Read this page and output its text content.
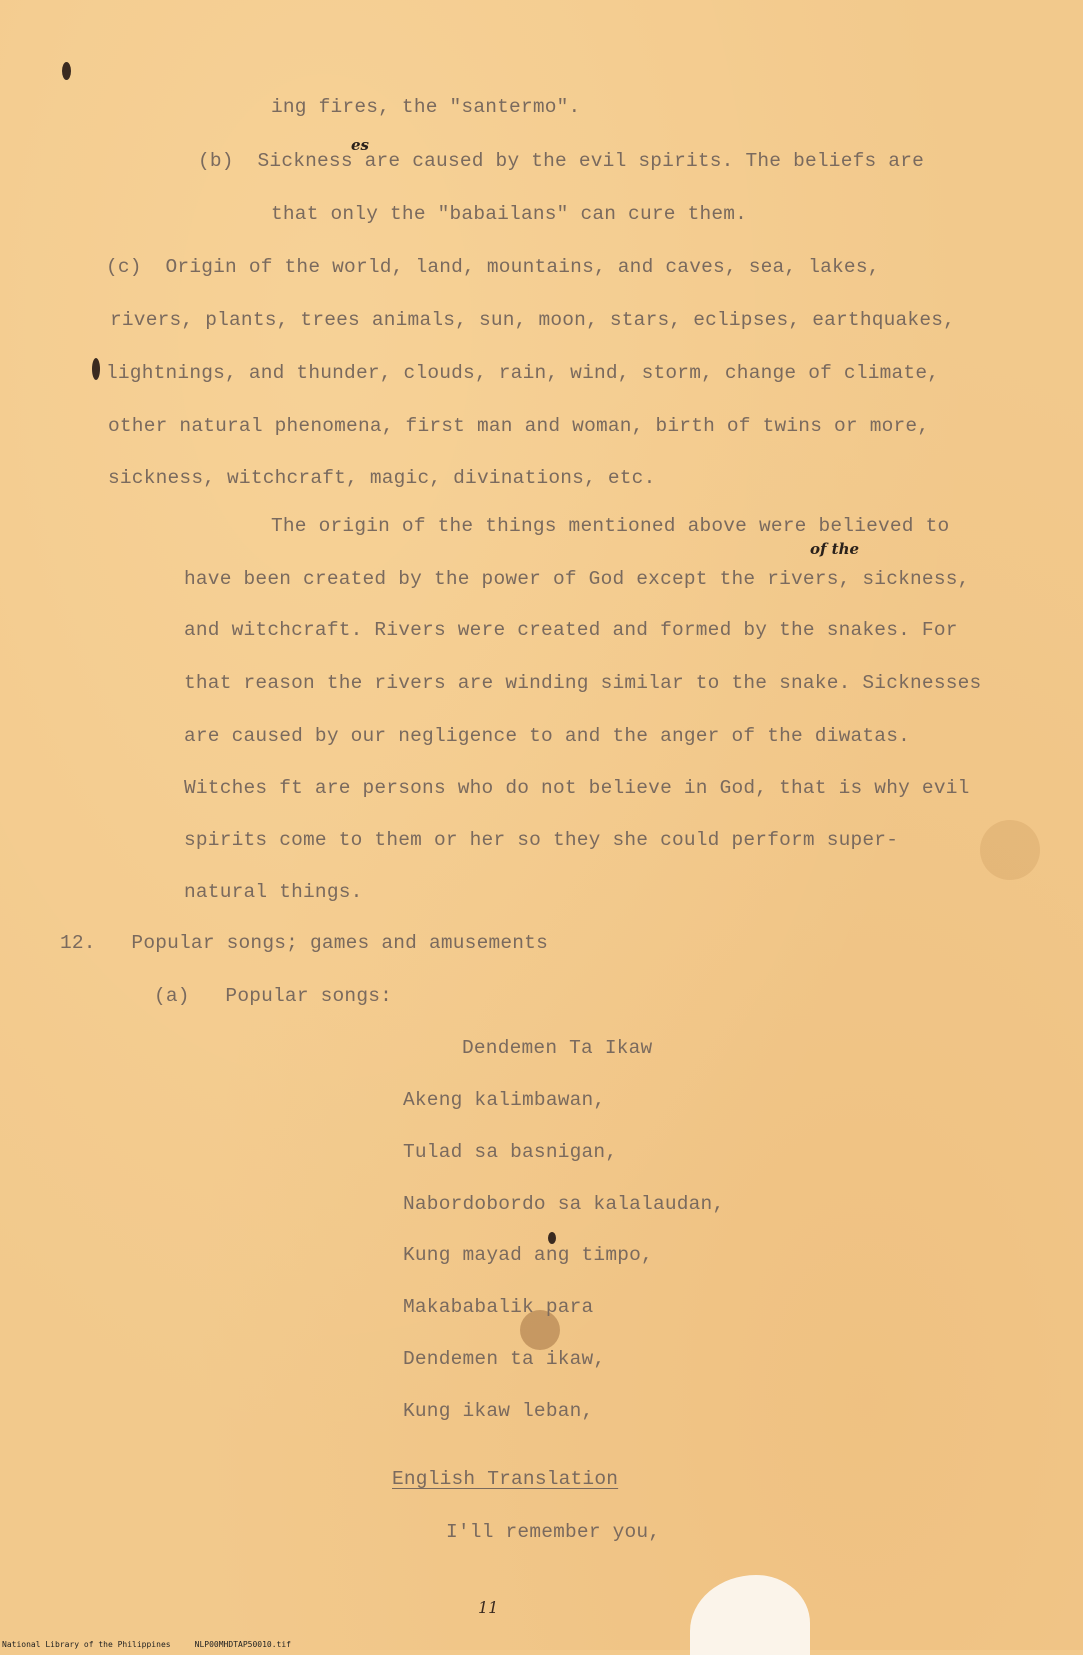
ing fires, the "santermo".
(b)  Sickness are caused by the evil spirits. The beliefs are
es
that only the "babailans" can cure them.
(c)  Origin of the world, land, mountains, and caves, sea, lakes,
rivers, plants, trees animals, sun, moon, stars, eclipses, earthquakes,
lightnings, and thunder, clouds, rain, wind, storm, change of climate,
other natural phenomena, first man and woman, birth of twins or more,
sickness, witchcraft, magic, divinations, etc.
The origin of the things mentioned above were believed to
of the
have been created by the power of God except the rivers, sickness,
and witchcraft. Rivers were created and formed by the snakes. For
that reason the rivers are winding similar to the snake. Sicknesses
are caused by our negligence to and the anger of the diwatas.
Witches ft are persons who do not believe in God, that is why evil
spirits come to them or her so they she could perform super-
natural things.
12.   Popular songs; games and amusements
(a)   Popular songs:
Dendemen Ta Ikaw
Akeng kalimbawan,
Tulad sa basnigan,
Nabordobordo sa kalalaudan,
Kung mayad ang timpo,
Makababalik para
Dendemen ta ikaw,
Kung ikaw leban,
English Translation
I'll remember you,
11
National Library of the Philippines     NLP00MHDTAP50010.tif
